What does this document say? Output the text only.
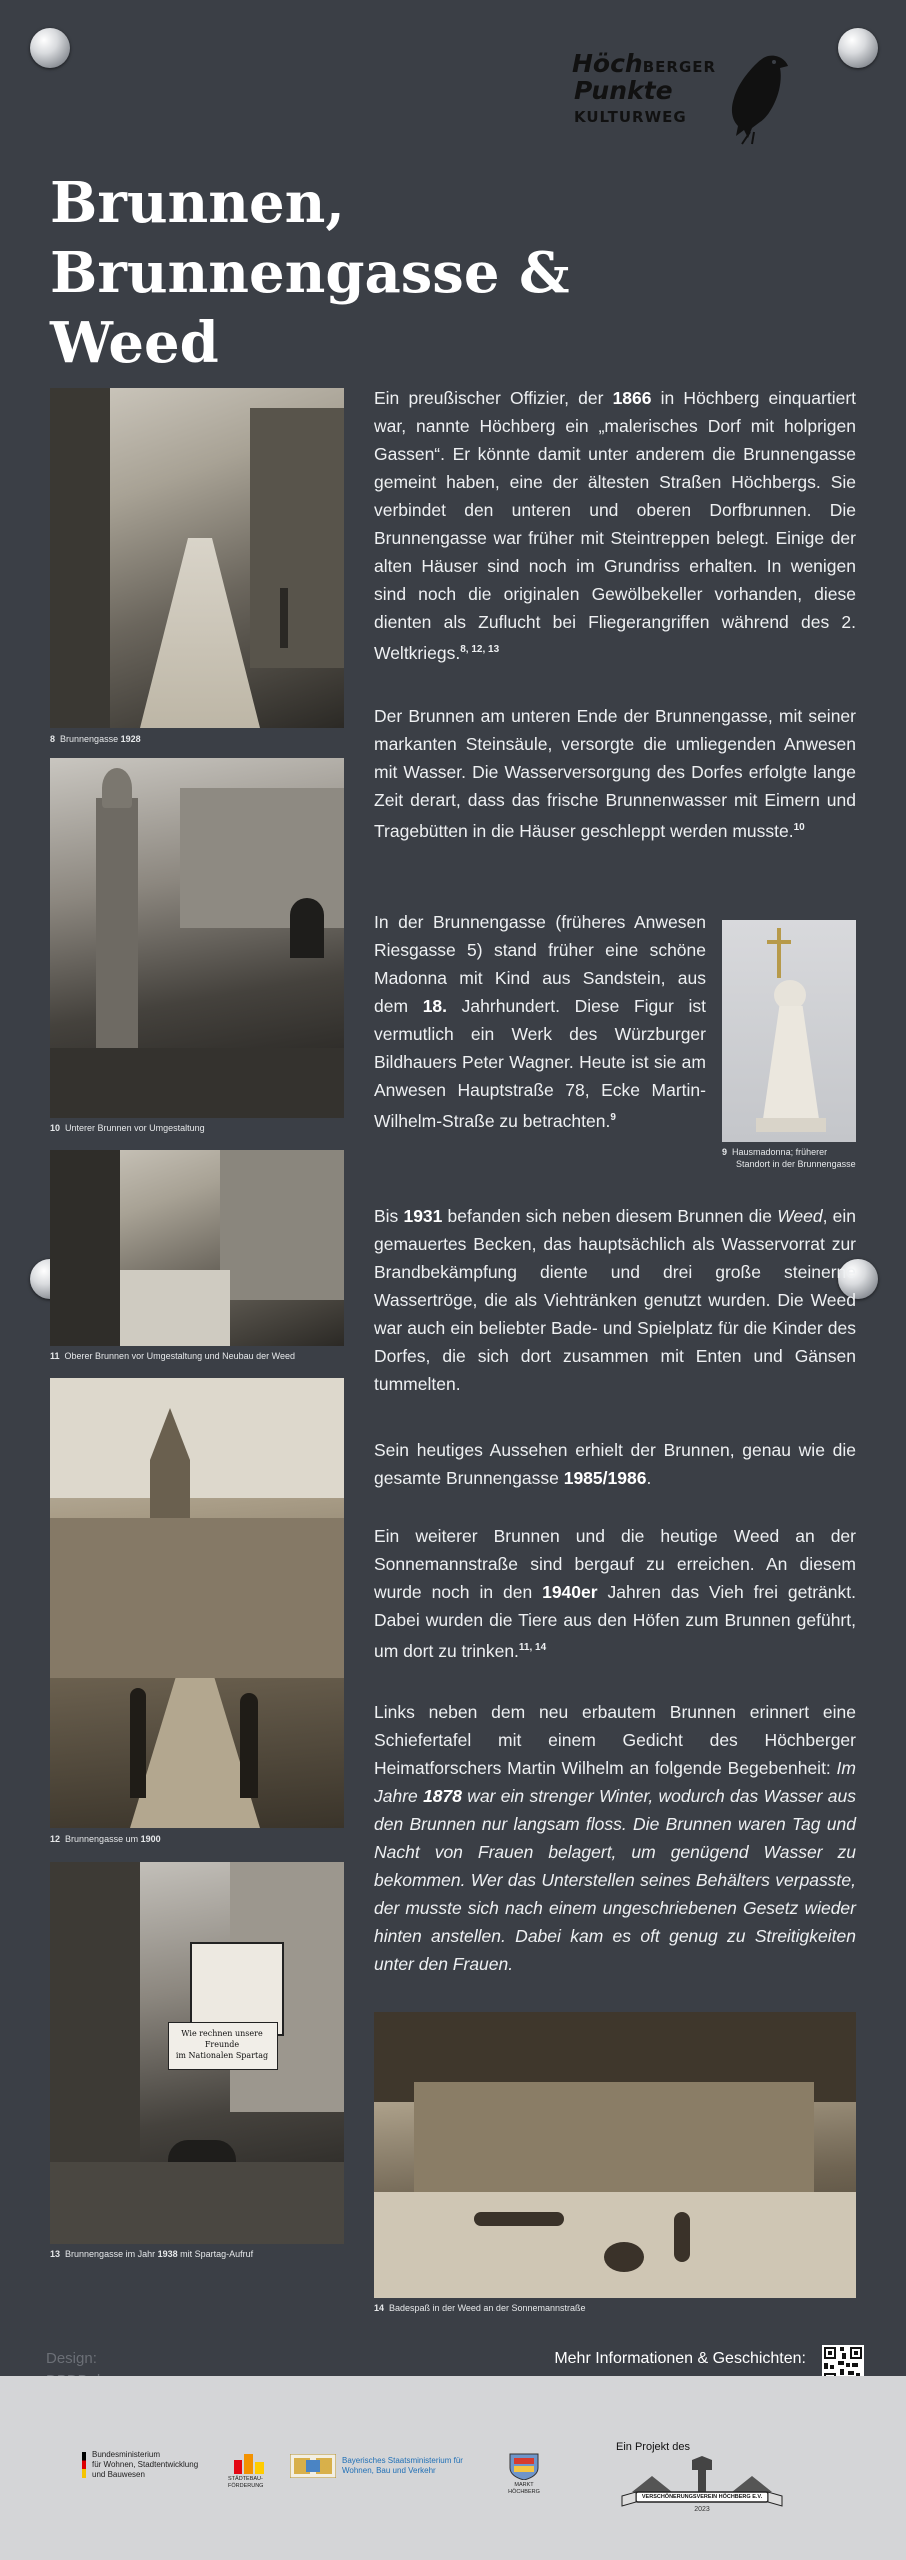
HöchBERGER
Punkte
KULTURWEG
Brunnen,
Brunnengasse & Weed
8 Brunnengasse 1928
10 Unterer Brunnen vor Umgestaltung
11 Oberer Brunnen vor Umgestaltung und Neubau der Weed
12 Brunnengasse um 1900
Wie rechnen unsere Freunde
im Nationalen Spartag
13 Brunnengasse im Jahr 1938 mit Spartag-Aufruf

Ein preußischer Offizier, der 1866 in Höchberg einquartiert war, nannte Höchberg ein „malerisches Dorf mit holprigen Gassen“. Er könnte damit unter anderem die Brunnengasse gemeint haben, eine der ältesten Straßen Höchbergs. Sie verbindet den unteren und oberen Dorfbrunnen. Die Brunnengasse war früher mit Steintreppen belegt. Einige der alten Häuser sind noch im Grundriss erhalten. In wenigen sind noch die originalen Gewölbekeller vorhanden, diese dienten als Zuflucht bei Fliegerangriffen während des 2. Weltkriegs.$^{8, 12, 13}$

Der Brunnen am unteren Ende der Brunnengasse, mit seiner markanten Steinsäule, versorgte die umliegenden Anwesen mit Wasser. Die Wasserversorgung des Dorfes erfolgte lange Zeit derart, dass das frische Brunnenwasser mit Eimern und Tragebütten in die Häuser geschleppt werden musste.$^{10}$

In der Brunnengasse (früheres Anwesen Riesgasse 5) stand früher eine schöne Madonna mit Kind aus Sandstein, aus dem 18. Jahrhundert. Diese Figur ist vermutlich ein Werk des Würzburger Bildhauers Peter Wagner. Heute ist sie am Anwesen Hauptstraße 78, Ecke Martin-Wilhelm-Straße zu betrachten.$^9$

9 Hausmadonna; früherer
Standort in der Brunnengasse

Bis 1931 befanden sich neben diesem Brunnen die Weed, ein gemauertes Becken, das hauptsächlich als Wasservorrat zur Brandbekämpfung diente und drei große steinerne Wassertröge, die als Viehtränken genutzt wurden. Die Weed war auch ein beliebter Bade- und Spielplatz für die Kinder des Dorfes, die sich dort zusammen mit Enten und Gänsen tummelten.

Sein heutiges Aussehen erhielt der Brunnen, genau wie die gesamte Brunnengasse 1985/1986.

Ein weiterer Brunnen und die heutige Weed an der Sonnemannstraße sind bergauf zu erreichen. An diesem wurde noch in den 1940er Jahren das Vieh frei getränkt. Dabei wurden die Tiere aus den Höfen zum Brunnen geführt, um dort zu trinken.$^{11, 14}$

Links neben dem neu erbautem Brunnen erinnert eine Schiefertafel mit einem Gedicht des Höchberger Heimatforschers Martin Wilhelm an folgende Begebenheit: Im Jahre 1878 war ein strenger Winter, wodurch das Wasser aus den Brunnen nur langsam floss. Die Brunnen waren Tag und Nacht von Frauen belagert, um genügend Wasser zu bekommen. Wer das Unterstellen seines Behälters verpasste, der musste sich nach einem ungeschriebenen Gesetz wieder hinten anstellen. Dabei kam es oft genug zu Streitigkeiten unter den Frauen.

14 Badespaß in der Weed an der Sonnemannstraße
Design:	Mehr Informationen & Geschichten:
Bundesministerium
für Wohnen, Stadtentwicklung
und Bauwesen	STÄDTEBAU-
FÖRDERUNG
Bayerisches Staatsministerium für
Wohnen, Bau und Verkehr
MARKT
HÖCHBERG
Ein Projekt des
VERSCHÖNERUNGSVEREIN HÖCHBERG E.V.
2023
